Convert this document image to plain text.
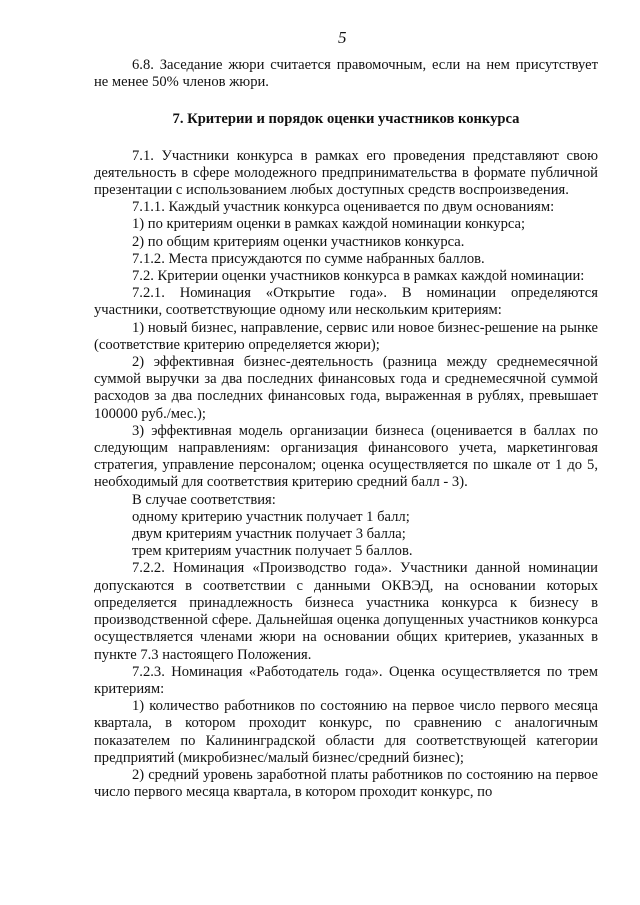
5

6.8. Заседание жюри считается правомочным, если на нем присутствует не менее 50% членов жюри.

7. Критерии и порядок оценки участников конкурса

7.1. Участники конкурса в рамках его проведения представляют свою деятельность в сфере молодежного предпринимательства в формате публичной презентации с использованием любых доступных средств воспроизведения.

7.1.1. Каждый участник конкурса оценивается по двум основаниям:

1) по критериям оценки в рамках каждой номинации конкурса;

2) по общим критериям оценки участников конкурса.

7.1.2. Места присуждаются по сумме набранных баллов.

7.2. Критерии оценки участников конкурса в рамках каждой номинации:

7.2.1. Номинация «Открытие года». В номинации определяются участники, соответствующие одному или нескольким критериям:

1) новый бизнес, направление, сервис или новое бизнес-решение на рынке (соответствие критерию определяется жюри);

2) эффективная бизнес-деятельность (разница между среднемесячной суммой выручки за два последних финансовых года и среднемесячной суммой расходов за два последних финансовых года, выраженная в рублях, превышает 100000 руб./мес.);

3) эффективная модель организации бизнеса (оценивается в баллах по следующим направлениям: организация финансового учета, маркетинговая стратегия, управление персоналом; оценка осуществляется по шкале от 1 до 5, необходимый для соответствия критерию средний балл - 3).

В случае соответствия:

одному критерию участник получает 1 балл;

двум критериям участник получает 3 балла;

трем критериям участник получает 5 баллов.

7.2.2. Номинация «Производство года». Участники данной номинации допускаются в соответствии с данными ОКВЭД, на основании которых определяется принадлежность бизнеса участника конкурса к бизнесу в производственной сфере. Дальнейшая оценка допущенных участников конкурса осуществляется членами жюри на основании общих критериев, указанных в пункте 7.3 настоящего Положения.

7.2.3. Номинация «Работодатель года». Оценка осуществляется по трем критериям:

1) количество работников по состоянию на первое число первого месяца квартала, в котором проходит конкурс, по сравнению с аналогичным показателем по Калининградской области для соответствующей категории предприятий (микробизнес/малый бизнес/средний бизнес);

2) средний уровень заработной платы работников по состоянию на первое число первого месяца квартала, в котором проходит конкурс, по
